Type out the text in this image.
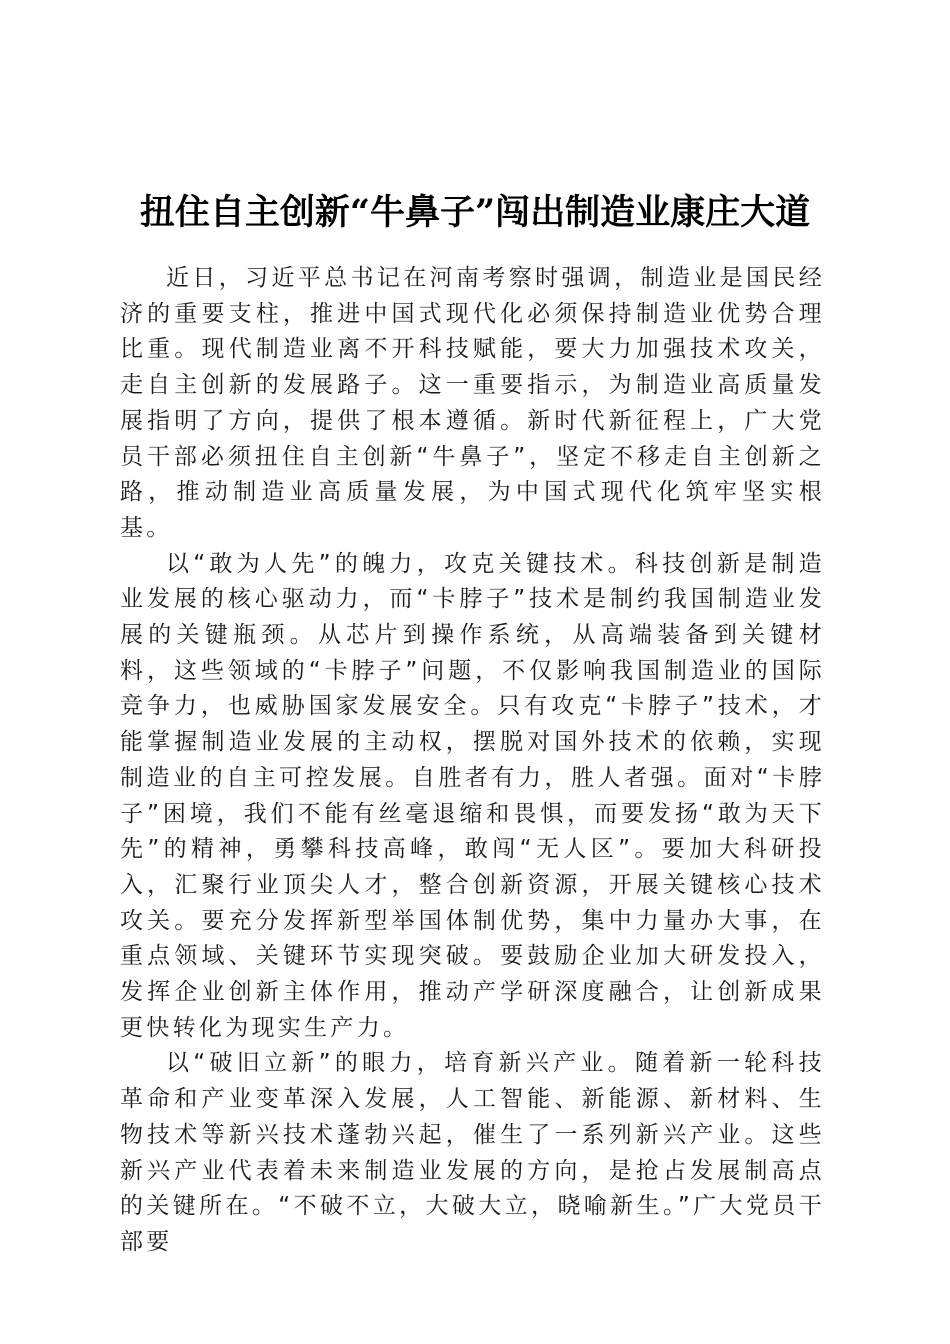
扭住自主创新“牛鼻子”闯出制造业康庄大道

近日，习近平总书记在河南考察时强调，制造业是国民经济的重要支柱，推进中国式现代化必须保持制造业优势合理比重。现代制造业离不开科技赋能，要大力加强技术攻关，走自主创新的发展路子。这一重要指示，为制造业高质量发展指明了方向，提供了根本遵循。新时代新征程上，广大党员干部必须扭住自主创新“牛鼻子”，坚定不移走自主创新之路，推动制造业高质量发展，为中国式现代化筑牢坚实根基。

以“敢为人先”的魄力，攻克关键技术。科技创新是制造业发展的核心驱动力，而“卡脖子”技术是制约我国制造业发展的关键瓶颈。从芯片到操作系统，从高端装备到关键材料，这些领域的“卡脖子”问题，不仅影响我国制造业的国际竞争力，也威胁国家发展安全。只有攻克“卡脖子”技术，才能掌握制造业发展的主动权，摆脱对国外技术的依赖，实现制造业的自主可控发展。自胜者有力，胜人者强。面对“卡脖子”困境，我们不能有丝毫退缩和畏惧，而要发扬“敢为天下先”的精神，勇攀科技高峰，敢闯“无人区”。要加大科研投入，汇聚行业顶尖人才，整合创新资源，开展关键核心技术攻关。要充分发挥新型举国体制优势，集中力量办大事，在重点领域、关键环节实现突破。要鼓励企业加大研发投入，发挥企业创新主体作用，推动产学研深度融合，让创新成果更快转化为现实生产力。

以“破旧立新”的眼力，培育新兴产业。随着新一轮科技革命和产业变革深入发展，人工智能、新能源、新材料、生物技术等新兴技术蓬勃兴起，催生了一系列新兴产业。这些新兴产业代表着未来制造业发展的方向，是抢占发展制高点的关键所在。“不破不立，大破大立，晓喻新生。”广大党员干部要
